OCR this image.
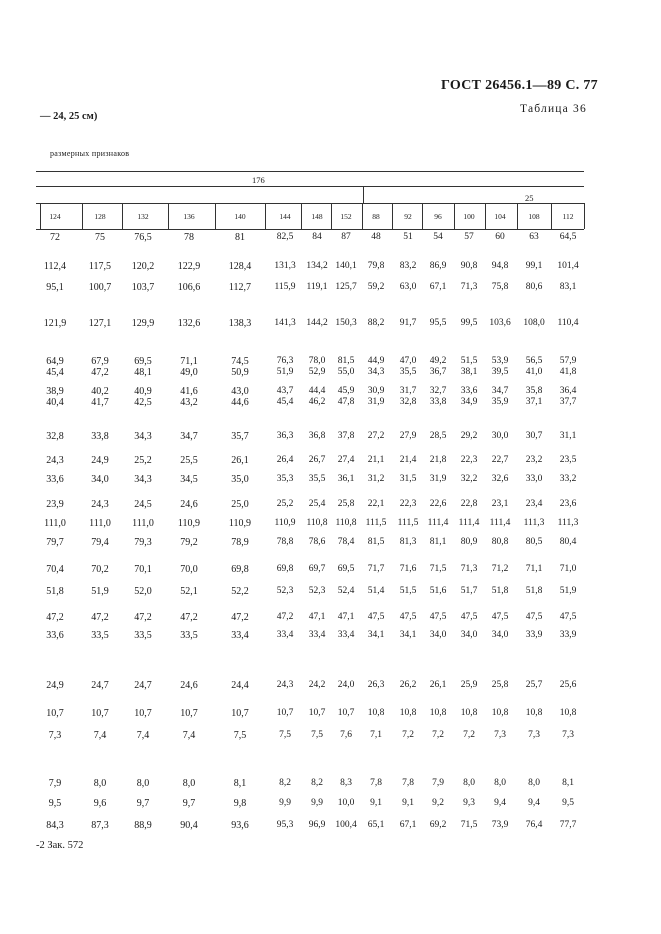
ГОСТ 26456.1—89 С. 77
Таблица 36
— 24, 25 см)
размерных признаков
176
25
124	128	132	136	140	144	148	152	88	92	96	100	104	108	112
72	75	76,5	78	81	82,5	84	87	48	51	54	57	60	63	64,5
112,4	117,5	120,2	122,9	128,4	131,3	134,2 140,1	79,8	83,2	86,9	90,8	94,8	99,1	101,4
95,1	100,7	103,7	106,6	112,7	115,9	119,1 125,7	59,2	63,0	67,1	71,3	75,8	80,6	83,1
121,9	127,1	129,9	132,6	138,3	141,3	144,2 150,3	88,2	91,7	95,5	99,5	103,6	108,0	110,4
64,9	67,9	69,5	71,1	74,5	76,3	78,0	81,5	44,9	47,0	49,2	51,5	53,9	56,5	57,9
45,4	47,2	48,1	49,0	50,9	51,9	52,9	55,0	34,3	35,5	36,7	38,1	39,5	41,0	41,8
38,9	40,2	40,9	41,6	43,0	43,7	44,4	45,9	30,9	31,7	32,7	33,6	34,7	35,8	36,4
40,4	41,7	42,5	43,2	44,6	45,4	46,2	47,8	31,9	32,8	33,8	34,9	35,9	37,1	37,7
32,8	33,8	34,3	34,7	35,7	36,3	36,8	37,8	27,2	27,9	28,5	29,2	30,0	30,7	31,1
24,3	24,9	25,2	25,5	26,1	26,4	26,7	27,4	21,1	21,4	21,8	22,3	22,7	23,2	23,5
33,6	34,0	34,3	34,5	35,0	35,3	35,5	36,1	31,2	31,5	31,9	32,2	32,6	33,0	33,2
23,9	24,3	24,5	24,6	25,0	25,2	25,4	25,8	22,1	22,3	22,6	22,8	23,1	23,4	23,6
111,0	111,0	111,0	110,9	110,9	110,9	110,8 110,8 111,5	111,5 111,4	111,4	111,4	111,3	111,3
79,7	79,4	79,3	79,2	78,9	78,8	78,6	78,4	81,5	81,3	81,1	80,9	80,8	80,5	80,4
70,4	70,2	70,1	70,0	69,8	69,8	69,7	69,5	71,7	71,6	71,5	71,3	71,2	71,1	71,0
51,8	51,9	52,0	52,1	52,2	52,3	52,3	52,4	51,4	51,5	51,6	51,7	51,8	51,8	51,9
47,2	47,2	47,2	47,2	47,2	47,2	47,1	47,1	47,5	47,5	47,5	47,5	47,5	47,5	47,5
33,6	33,5	33,5	33,5	33,4	33,4	33,4	33,4	34,1	34,1	34,0	34,0	34,0	33,9	33,9
24,9	24,7	24,7	24,6	24,4	24,3	24,2	24,0	26,3	26,2	26,1	25,9	25,8	25,7	25,6
10,7	10,7	10,7	10,7	10,7	10,7	10,7	10,7	10,8	10,8	10,8	10,8	10,8	10,8	10,8
7,3	7,4	7,4	7,4	7,5	7,5	7,5	7,6	7,1	7,2	7,2	7,2	7,3	7,3	7,3
7,9	8,0	8,0	8,0	8,1	8,2	8,2	8,3	7,8	7,8	7,9	8,0	8,0	8,0	8,1
9,5	9,6	9,7	9,7	9,8	9,9	9,9	10,0	9,1	9,1	9,2	9,3	9,4	9,4	9,5
84,3	87,3	88,9	90,4	93,6	95,3	96,9	100,4	65,1	67,1	69,2	71,5	73,9	76,4	77,7
-2 Зак. 572
